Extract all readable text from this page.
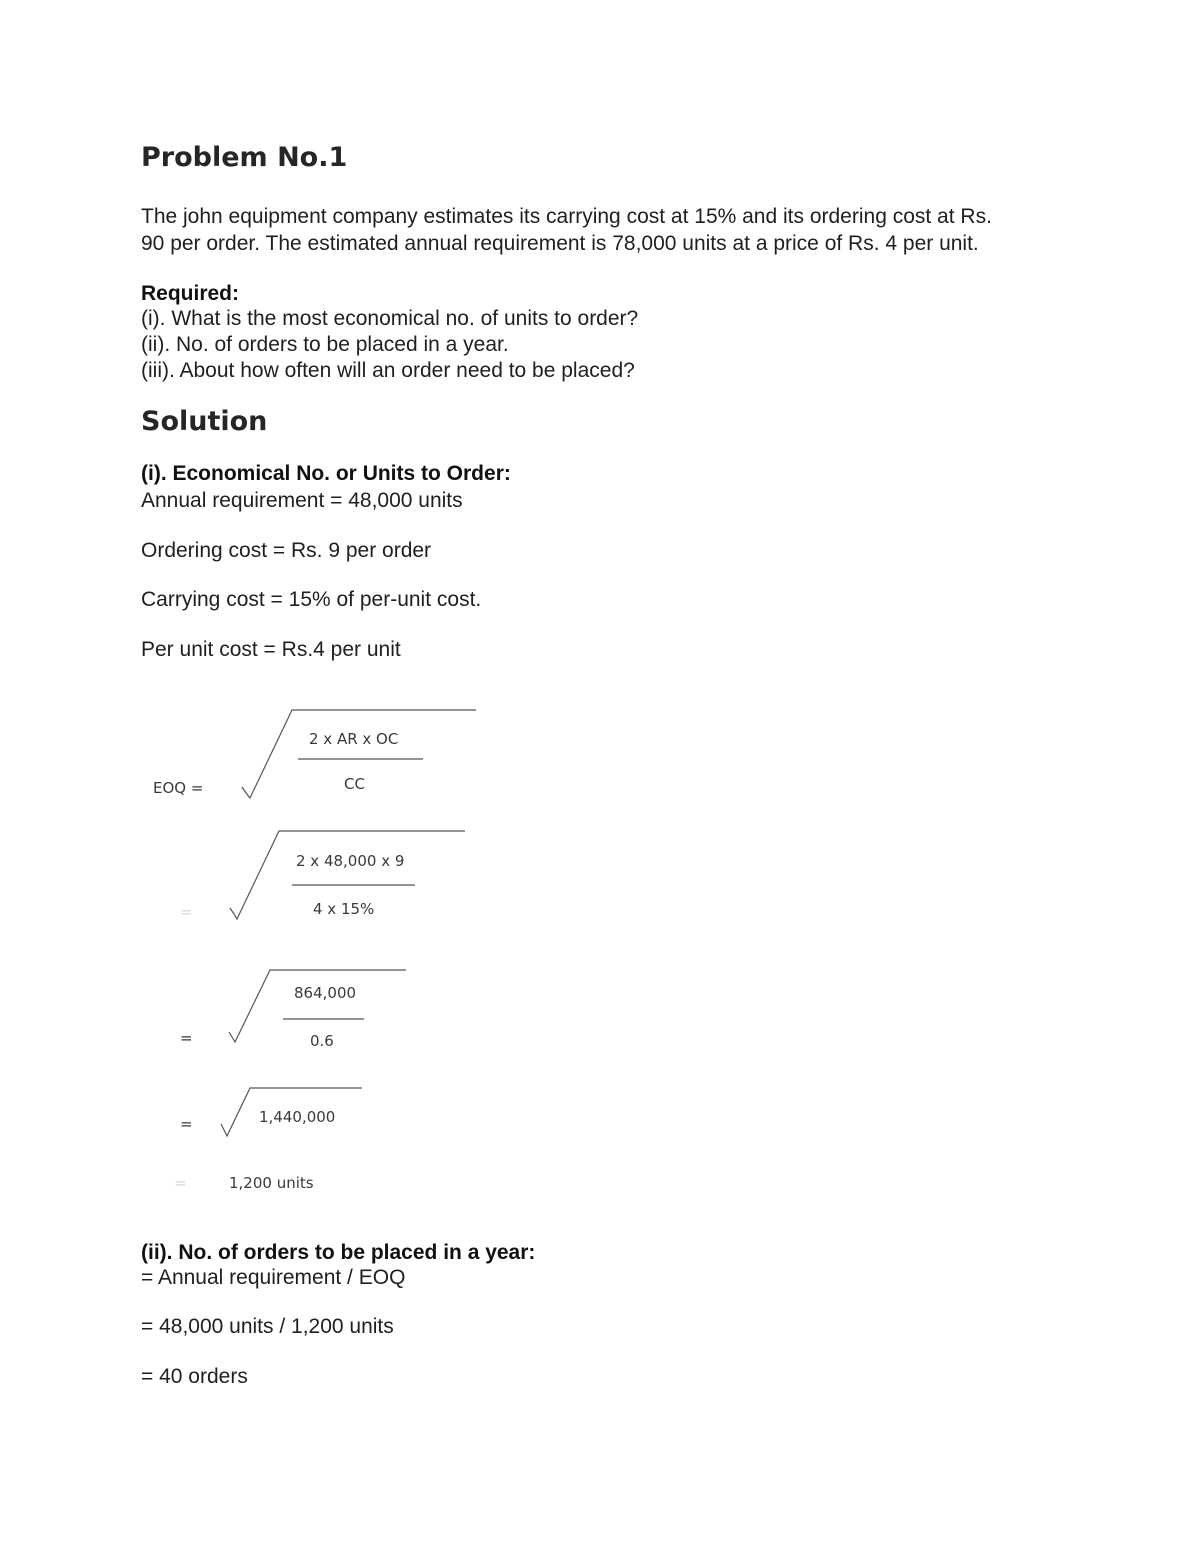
Problem No.1
The john equipment company estimates its carrying cost at 15% and its ordering cost at Rs.
90 per order. The estimated annual requirement is 78,000 units at a price of Rs. 4 per unit.
Required:
(i). What is the most economical no. of units to order?
(ii). No. of orders to be placed in a year.
(iii). About how often will an order need to be placed?
Solution
(i). Economical No. or Units to Order:
Annual requirement = 48,000 units
Ordering cost = Rs. 9 per order
Carrying cost = 15% of per-unit cost.
Per unit cost = Rs.4 per unit
EOQ =
2 x AR x OC
CC
=
2 x 48,000 x 9
4 x 15%
=
864,000
0.6
=	1,440,000
=	1,200 units
(ii). No. of orders to be placed in a year:
= Annual requirement / EOQ
= 48,000 units / 1,200 units
= 40 orders
